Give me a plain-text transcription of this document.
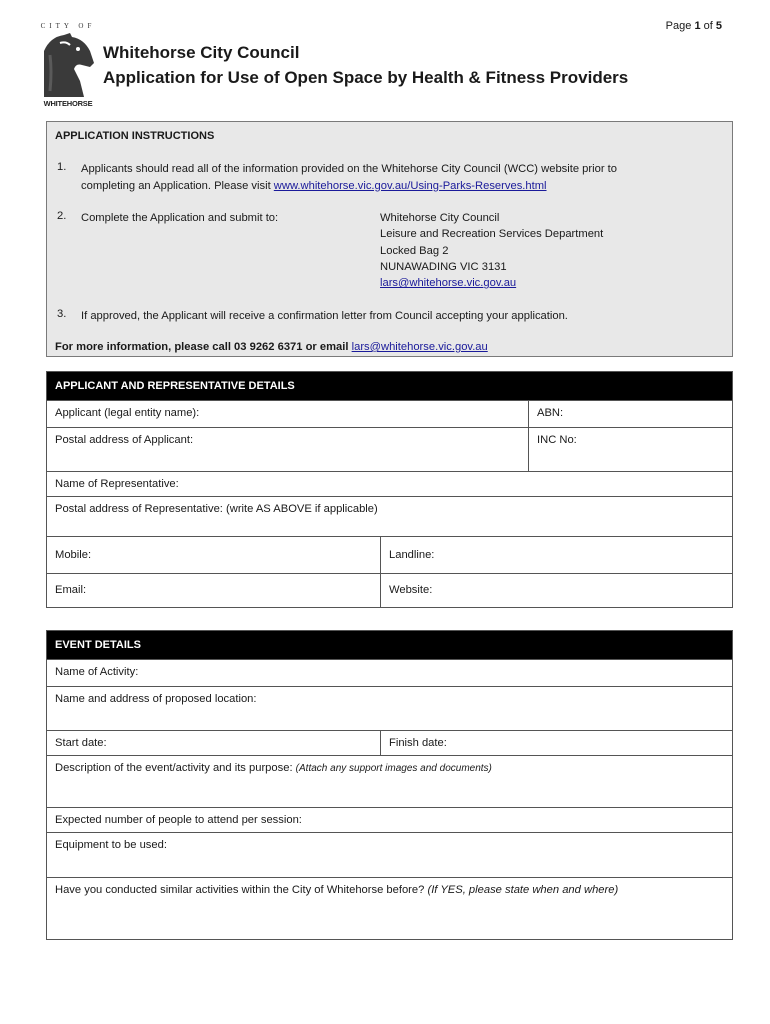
Page 1 of 5
CITY OF
WHITEHORSE
Whitehorse City Council
Application for Use of Open Space by Health & Fitness Providers
APPLICATION INSTRUCTIONS
1. Applicants should read all of the information provided on the Whitehorse City Council (WCC) website prior to
completing an Application. Please visit www.whitehorse.vic.gov.au/Using-Parks-Reserves.html
2. Complete the Application and submit to:	Whitehorse City Council
Leisure and Recreation Services Department
Locked Bag 2
NUNAWADING VIC 3131
lars@whitehorse.vic.gov.au
3. If approved, the Applicant will receive a confirmation letter from Council accepting your application.
For more information, please call 03 9262 6371 or email lars@whitehorse.vic.gov.au
APPLICANT AND REPRESENTATIVE DETAILS
Applicant (legal entity name):	ABN:
Postal address of Applicant:	INC No:
Name of Representative:
Postal address of Representative: (write AS ABOVE if applicable)
Mobile:	Landline:
Email:	Website:
EVENT DETAILS
Name of Activity:
Name and address of proposed location:
Start date:	Finish date:
Description of the event/activity and its purpose: (Attach any support images and documents)
Expected number of people to attend per session:
Equipment to be used:
Have you conducted similar activities within the City of Whitehorse before? (If YES, please state when and where)
